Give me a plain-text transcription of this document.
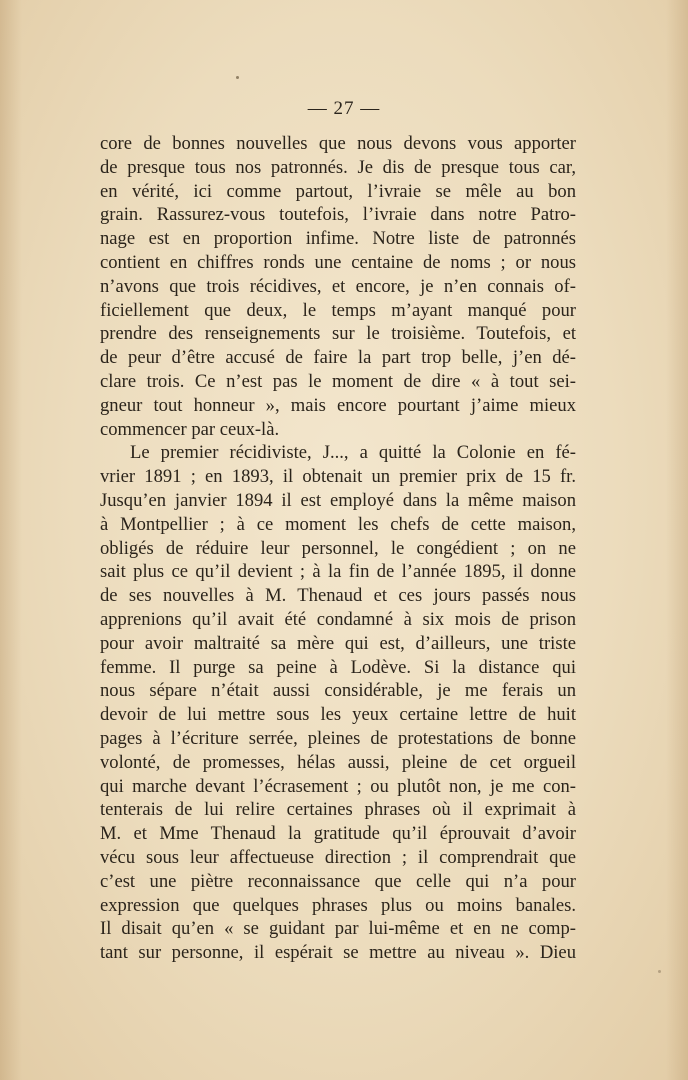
— 27 —
core de bonnes nouvelles que nous devons vous apporter
de presque tous nos patronnés. Je dis de presque tous car,
en vérité, ici comme partout, l’ivraie se mêle au bon
grain. Rassurez-vous toutefois, l’ivraie dans notre Patro-
nage est en proportion infime. Notre liste de patronnés
contient en chiffres ronds une centaine de noms ; or nous
n’avons que trois récidives, et encore, je n’en connais of-
ficiellement que deux, le temps m’ayant manqué pour
prendre des renseignements sur le troisième. Toutefois, et
de peur d’être accusé de faire la part trop belle, j’en dé-
clare trois. Ce n’est pas le moment de dire « à tout sei-
gneur tout honneur », mais encore pourtant j’aime mieux
commencer par ceux-là.
Le premier récidiviste, J..., a quitté la Colonie en fé-
vrier 1891 ; en 1893, il obtenait un premier prix de 15 fr.
Jusqu’en janvier 1894 il est employé dans la même maison
à Montpellier ; à ce moment les chefs de cette maison,
obligés de réduire leur personnel, le congédient ; on ne
sait plus ce qu’il devient ; à la fin de l’année 1895, il donne
de ses nouvelles à M. Thenaud et ces jours passés nous
apprenions qu’il avait été condamné à six mois de prison
pour avoir maltraité sa mère qui est, d’ailleurs, une triste
femme. Il purge sa peine à Lodève. Si la distance qui
nous sépare n’était aussi considérable, je me ferais un
devoir de lui mettre sous les yeux certaine lettre de huit
pages à l’écriture serrée, pleines de protestations de bonne
volonté, de promesses, hélas aussi, pleine de cet orgueil
qui marche devant l’écrasement ; ou plutôt non, je me con-
tenterais de lui relire certaines phrases où il exprimait à
M. et Mme Thenaud la gratitude qu’il éprouvait d’avoir
vécu sous leur affectueuse direction ; il comprendrait que
c’est une piètre reconnaissance que celle qui n’a pour
expression que quelques phrases plus ou moins banales.
Il disait qu’en « se guidant par lui-même et en ne comp-
tant sur personne, il espérait se mettre au niveau ». Dieu
